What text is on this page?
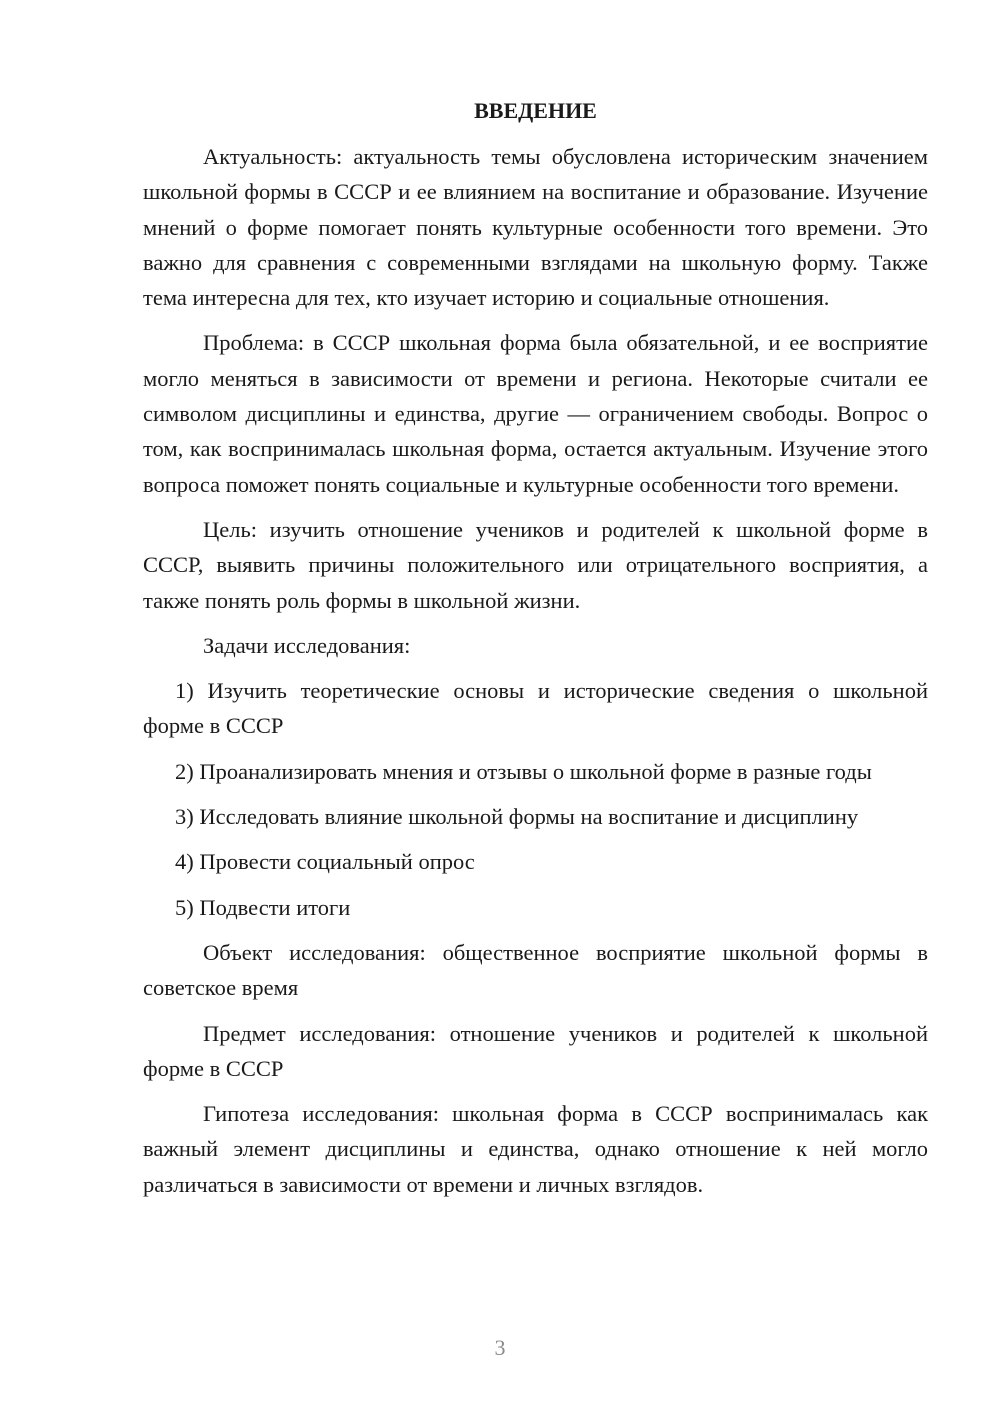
ВВЕДЕНИЕ

Актуальность: актуальность темы обусловлена историческим значением школьной формы в СССР и ее влиянием на воспитание и образование. Изучение мнений о форме помогает понять культурные особенности того времени. Это важно для сравнения с современными взглядами на школьную форму. Также тема интересна для тех, кто изучает историю и социальные отношения.

Проблема: в СССР школьная форма была обязательной, и ее восприятие могло меняться в зависимости от времени и региона. Некоторые считали ее символом дисциплины и единства, другие — ограничением свободы. Вопрос о том, как воспринималась школьная форма, остается актуальным. Изучение этого вопроса поможет понять социальные и культурные особенности того времени.

Цель: изучить отношение учеников и родителей к школьной форме в СССР, выявить причины положительного или отрицательного восприятия, а также понять роль формы в школьной жизни.

Задачи исследования:

1) Изучить теоретические основы и исторические сведения о школьной форме в СССР

2) Проанализировать мнения и отзывы о школьной форме в разные годы

3) Исследовать влияние школьной формы на воспитание и дисциплину

4) Провести социальный опрос

5) Подвести итоги

Объект исследования: общественное восприятие школьной формы в советское время

Предмет исследования: отношение учеников и родителей к школьной форме в СССР

Гипотеза исследования: школьная форма в СССР воспринималась как важный элемент дисциплины и единства, однако отношение к ней могло различаться в зависимости от времени и личных взглядов.

3
